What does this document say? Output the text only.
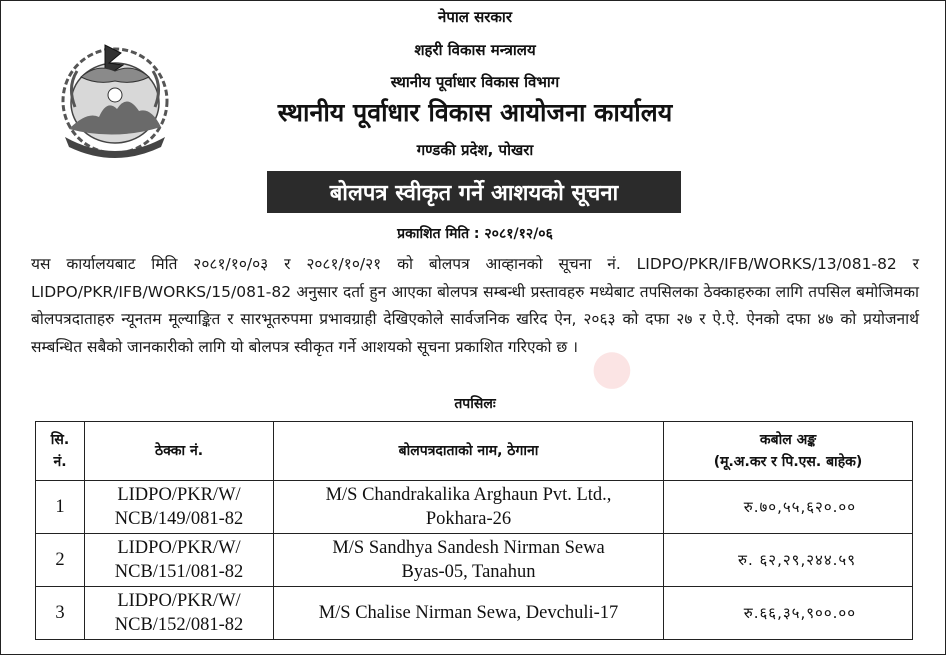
नेपाल सरकार
शहरी विकास मन्त्रालय
स्थानीय पूर्वाधार विकास विभाग
स्थानीय पूर्वाधार विकास आयोजना कार्यालय
गण्डकी प्रदेश, पोखरा
बोलपत्र स्वीकृत गर्ने आशयको सूचना
प्रकाशित मिति : २०८१/१२/०६

यस कार्यालयबाट मिति २०८१/१०/०३ र २०८१/१०/२१ को बोलपत्र आव्हानको सूचना नं. LIDPO/PKR/IFB/WORKS/13/081-82 र LIDPO/PKR/IFB/WORKS/15/081-82 अनुसार दर्ता हुन आएका बोलपत्र सम्बन्धी प्रस्तावहरु मध्येबाट तपसिलका ठेक्काहरुका लागि तपसिल बमोजिमका बोलपत्रदाताहरु न्यूनतम मूल्याङ्कित र सारभूतरुपमा प्रभावग्राही देखिएकोले सार्वजनिक खरिद ऐन, २०६३ को दफा २७ र ऐ.ऐ. ऐनको दफा ४७ को प्रयोजनार्थ सम्बन्धित सबैको जानकारीको लागि यो बोलपत्र स्वीकृत गर्ने आशयको सूचना प्रकाशित गरिएको छ । ●
तपसिलः
सि.
नं.	ठेक्का नं.	बोलपत्रदाताको नाम, ठेगाना	कबोल अङ्क
(मू.अ.कर र पि.एस. बाहेक)
1	LIDPO/PKR/W/
NCB/149/081-82	M/S Chandrakalika Arghaun Pvt. Ltd.,
Pokhara-26	रु.७०,५५,६२०.००
2	LIDPO/PKR/W/
NCB/151/081-82	M/S Sandhya Sandesh Nirman Sewa
Byas-05, Tanahun	रु. ६२,२९,२४४.५९
3	LIDPO/PKR/W/
NCB/152/081-82	M/S Chalise Nirman Sewa, Devchuli-17	रु.६६,३५,९००.००
